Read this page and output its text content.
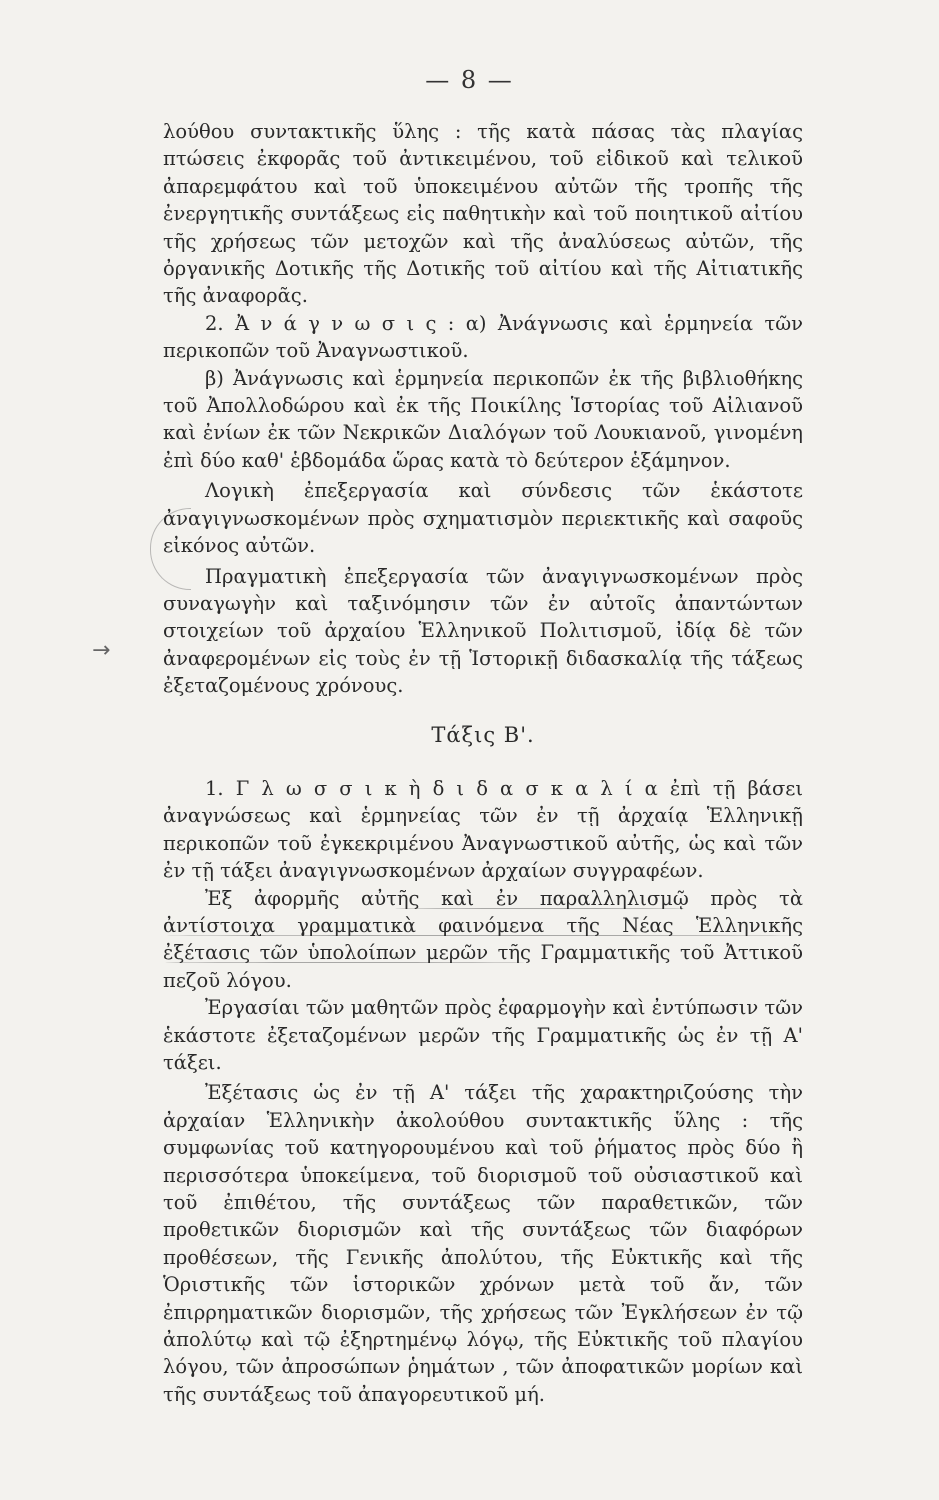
— 8 —
→

λούθου συντακτικῆς ὕλης : τῆς κατὰ πάσας τὰς πλαγίας πτώσεις ἐκφορᾶς τοῦ ἀντικειμένου, τοῦ εἰδικοῦ καὶ τελικοῦ ἀπαρεμφάτου καὶ τοῦ ὑποκειμένου αὐτῶν τῆς τροπῆς τῆς ἐνεργητικῆς συντάξεως εἰς παθητικὴν καὶ τοῦ ποιητικοῦ αἰτίου τῆς χρήσεως τῶν μετοχῶν καὶ τῆς ἀναλύσεως αὐτῶν, τῆς ὀργανικῆς Δοτικῆς τῆς Δοτικῆς τοῦ αἰτίου καὶ τῆς Αἰτιατικῆς τῆς ἀναφορᾶς.

2. Ἀ ν ά γ ν ω σ ι ς : α) Ἀνάγνωσις καὶ ἑρμηνεία τῶν περικοπῶν τοῦ Ἀναγνωστικοῦ.

β) Ἀνάγνωσις καὶ ἑρμηνεία περικοπῶν ἐκ τῆς βιβλιοθήκης τοῦ Ἀπολλοδώρου καὶ ἐκ τῆς Ποικίλης Ἱστορίας τοῦ Αἰλιανοῦ καὶ ἐνίων ἐκ τῶν Νεκρικῶν Διαλόγων τοῦ Λουκιανοῦ, γινομένη ἐπὶ δύο καθ' ἑβδομάδα ὥρας κατὰ τὸ δεύτερον ἑξάμηνον.

Λογικὴ ἐπεξεργασία καὶ σύνδεσις τῶν ἑκάστοτε ἀναγιγνωσκομένων πρὸς σχηματισμὸν περιεκτικῆς καὶ σαφοῦς εἰκόνος αὐτῶν.

Πραγματικὴ ἐπεξεργασία τῶν ἀναγιγνωσκομένων πρὸς συναγωγὴν καὶ ταξινόμησιν τῶν ἐν αὐτοῖς ἀπαντώντων στοιχείων τοῦ ἀρχαίου Ἑλληνικοῦ Πολιτισμοῦ, ἰδίᾳ δὲ τῶν ἀναφερομένων εἰς τοὺς ἐν τῇ Ἱστορικῇ διδασκαλίᾳ τῆς τάξεως ἐξεταζομένους χρόνους.

Τάξις Β'.

1. Γ λ ω σ σ ι κ ὴ δ ι δ α σ κ α λ ί α ἐπὶ τῇ βάσει ἀναγνώσεως καὶ ἑρμηνείας τῶν ἐν τῇ ἀρχαίᾳ Ἑλληνικῇ περικοπῶν τοῦ ἐγκεκριμένου Ἀναγνωστικοῦ αὐτῆς, ὡς καὶ τῶν ἐν τῇ τάξει ἀναγιγνωσκομένων ἀρχαίων συγγραφέων.

Ἐξ ἀφορμῆς αὐτῆς καὶ ἐν παραλληλισμῷ πρὸς τὰ ἀντίστοιχα γραμματικὰ φαινόμενα τῆς Νέας Ἑλληνικῆς ἐξέτασις τῶν ὑπολοίπων μερῶν τῆς Γραμματικῆς τοῦ Ἀττικοῦ πεζοῦ λόγου.

Ἐργασίαι τῶν μαθητῶν πρὸς ἐφαρμογὴν καὶ ἐντύπωσιν τῶν ἑκάστοτε ἐξεταζομένων μερῶν τῆς Γραμματικῆς ὡς ἐν τῇ Α' τάξει.

Ἐξέτασις ὡς ἐν τῇ Α' τάξει τῆς χαρακτηριζούσης τὴν ἀρχαίαν Ἑλληνικὴν ἀκολούθου συντακτικῆς ὕλης : τῆς συμφωνίας τοῦ κατηγορουμένου καὶ τοῦ ῥήματος πρὸς δύο ἢ περισσότερα ὑποκείμενα, τοῦ διορισμοῦ τοῦ οὐσιαστικοῦ καὶ τοῦ ἐπιθέτου, τῆς συντάξεως τῶν παραθετικῶν, τῶν προθετικῶν διορισμῶν καὶ τῆς συντάξεως τῶν διαφόρων προθέσεων, τῆς Γενικῆς ἀπολύτου, τῆς Εὐκτικῆς καὶ τῆς Ὁριστικῆς τῶν ἱστορικῶν χρόνων μετὰ τοῦ ἄν, τῶν ἐπιρρηματικῶν διορισμῶν, τῆς χρήσεως τῶν Ἐγκλήσεων ἐν τῷ ἀπολύτῳ καὶ τῷ ἐξηρτημένῳ λόγῳ, τῆς Εὐκτικῆς τοῦ πλαγίου λόγου, τῶν ἀπροσώπων ῥημάτων , τῶν ἀποφατικῶν μορίων καὶ τῆς συντάξεως τοῦ ἀπαγορευτικοῦ μή.
